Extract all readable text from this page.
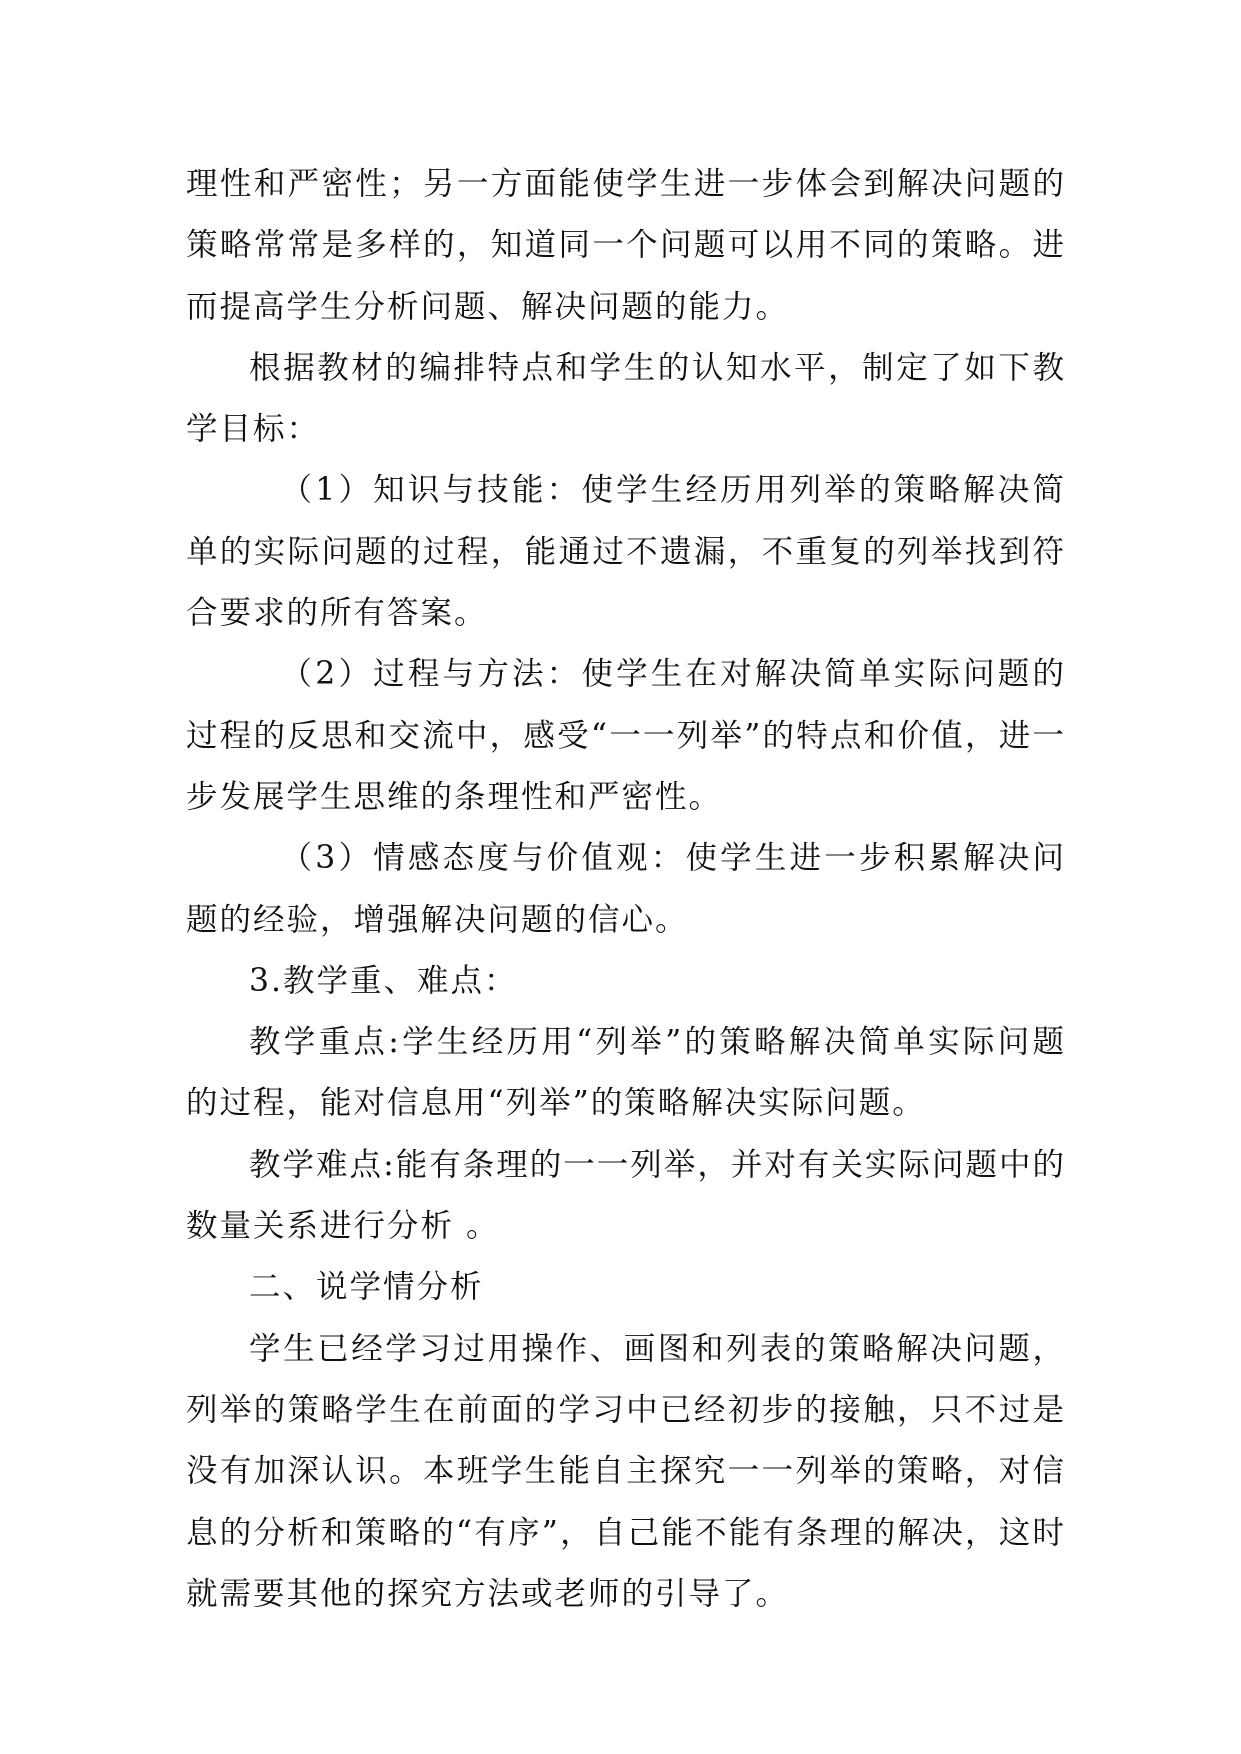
理性和严密性；另一方面能使学生进一步体会到解决问题的策略常常是多样的，知道同一个问题可以用不同的策略。进而提高学生分析问题、解决问题的能力。

根据教材的编排特点和学生的认知水平，制定了如下教学目标：

（1）知识与技能：使学生经历用列举的策略解决简单的实际问题的过程，能通过不遗漏，不重复的列举找到符合要求的所有答案。

（2）过程与方法：使学生在对解决简单实际问题的过程的反思和交流中，感受“一一列举”的特点和价值，进一步发展学生思维的条理性和严密性。

（3）情感态度与价值观：使学生进一步积累解决问题的经验，增强解决问题的信心。

3.教学重、难点：

教学重点:学生经历用“列举”的策略解决简单实际问题的过程，能对信息用“列举”的策略解决实际问题。

教学难点:能有条理的一一列举，并对有关实际问题中的数量关系进行分析 。

二、说学情分析

学生已经学习过用操作、画图和列表的策略解决问题，列举的策略学生在前面的学习中已经初步的接触，只不过是没有加深认识。本班学生能自主探究一一列举的策略，对信息的分析和策略的“有序”，自己能不能有条理的解决，这时就需要其他的探究方法或老师的引导了。
